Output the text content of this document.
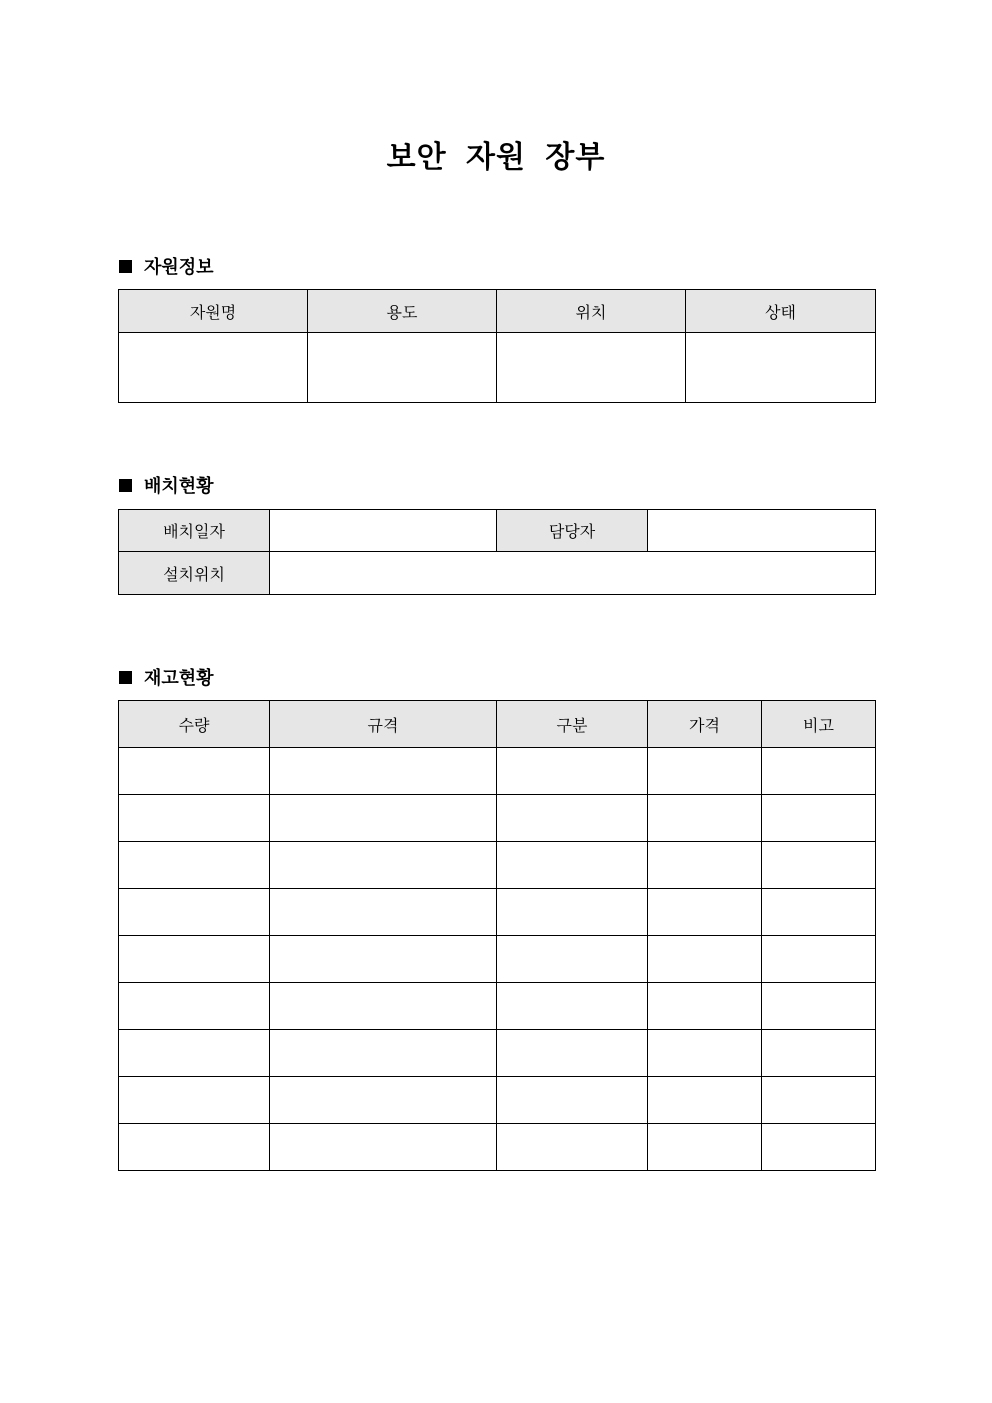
보안 자원 장부
자원정보
자원명	용도	위치	상태

배치현황
배치일자		담당자	
설치위치			
재고현황
수량	규격	구분	가격	비고
